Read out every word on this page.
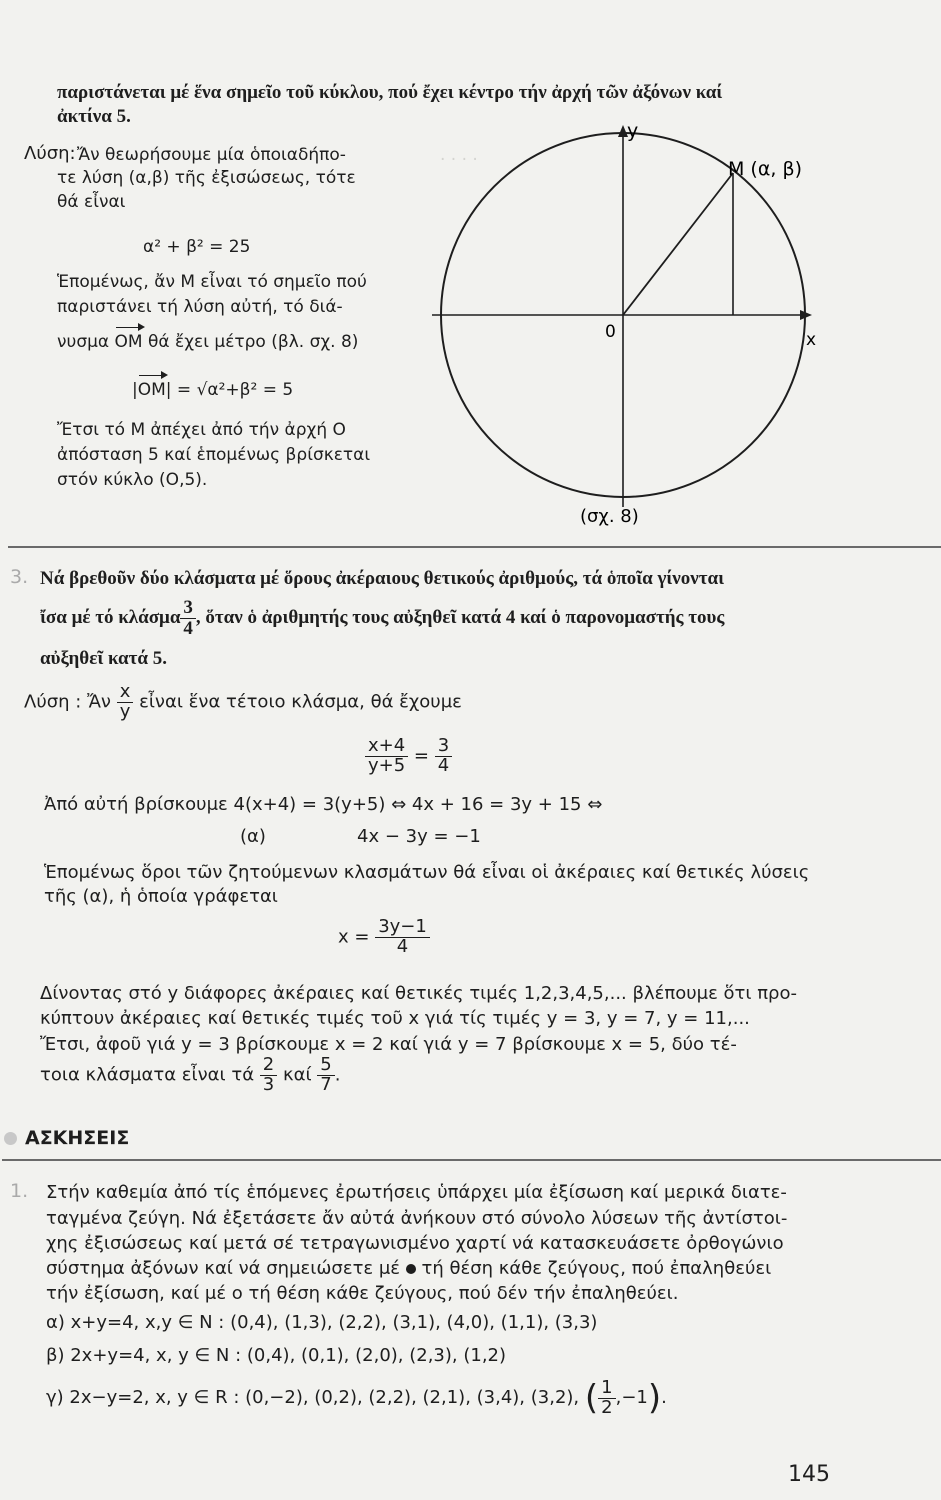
· · · ·
παριστάνεται μέ ἕνα σημεῖο τοῦ κύκλου, πού ἔχει κέντρο τήν ἀρχή τῶν ἀξόνων καί
ἀκτίνα 5.
Λύση: Ἄν θεωρήσουμε μία ὁποιαδήπο-
τε λύση (α,β) τῆς ἐξισώσεως, τότε
θά εἶναι
α² + β² = 25
Ἑπομένως, ἄν Μ εἶναι τό σημεῖο πού
παριστάνει τή λύση αὐτή, τό διά-
νυσμα ΟΜ θά ἔχει μέτρο (βλ. σχ. 8)
|ΟΜ| = √α²+β² = 5
Ἔτσι τό Μ ἀπέχει ἀπό τήν ἀρχή Ο
ἀπόσταση 5 καί ἑπομένως βρίσκεται
στόν κύκλο (Ο,5).
y
x
0
Μ (α, β)
(σχ. 8)
3. Νά βρεθοῦν δύο κλάσματα μέ ὅρους ἀκέραιους θετικούς ἀριθμούς, τά ὁποῖα γίνονται
ἴσα μέ τό κλάσμα $\frac{3}{4}$ , ὅταν ὁ ἀριθμητής τους αὐξηθεῖ κατά 4 καί ὁ παρονομαστής τους
αὐξηθεῖ κατά 5.
Λύση : Ἄν $\frac{x}{y}$ εἶναι ἕνα τέτοιο κλάσμα, θά ἔχουμε
$\frac{x+4}{y+5} = \frac{3}{4}$
Ἀπό αὐτή βρίσκουμε 4(x+4) = 3(y+5) ⇔ 4x + 16 = 3y + 15 ⇔
(α)	4x − 3y = −1
Ἑπομένως ὅροι τῶν ζητούμενων κλασμάτων θά εἶναι οἱ ἀκέραιες καί θετικές λύσεις
τῆς (α), ἡ ὁποία γράφεται
$x = \frac{3y-1}{4}$
Δίνοντας στό y διάφορες ἀκέραιες καί θετικές τιμές 1,2,3,4,5,... βλέπουμε ὅτι προ-
κύπτουν ἀκέραιες καί θετικές τιμές τοῦ x γιά τίς τιμές y = 3, y = 7, y = 11,...
Ἔτσι, ἀφοῦ γιά y = 3 βρίσκουμε x = 2 καί γιά y = 7 βρίσκουμε x = 5, δύο τέ-
τοια κλάσματα εἶναι τά $\frac{2}{3}$ καί $\frac{5}{7}$ .
ΑΣΚΗΣΕΙΣ
1. Στήν καθεμία ἀπό τίς ἑπόμενες ἐρωτήσεις ὑπάρχει μία ἐξίσωση καί μερικά διατε-
ταγμένα ζεύγη. Νά ἐξετάσετε ἄν αὐτά ἀνήκουν στό σύνολο λύσεων τῆς ἀντίστοι-
χης ἐξισώσεως καί μετά σέ τετραγωνισμένο χαρτί νά κατασκευάσετε ὀρθογώνιο
σύστημα ἀξόνων καί νά σημειώσετε μέ τή θέση κάθε ζεύγους, πού ἐπαληθεύει
τήν ἐξίσωση, καί μέ ο τή θέση κάθε ζεύγους, πού δέν τήν ἐπαληθεύει.
α) x+y=4, x,y ∈ N : (0,4), (1,3), (2,2), (3,1), (4,0), (1,1), (3,3)
β) 2x+y=4, x, y ∈ N : (0,4), (0,1), (2,0), (2,3), (1,2)
γ) 2x−y=2, x, y ∈ R : (0,−2), (0,2), (2,2), (2,1), (3,4), (3,2), ( $\frac{1}{2} ,-1$).
145
